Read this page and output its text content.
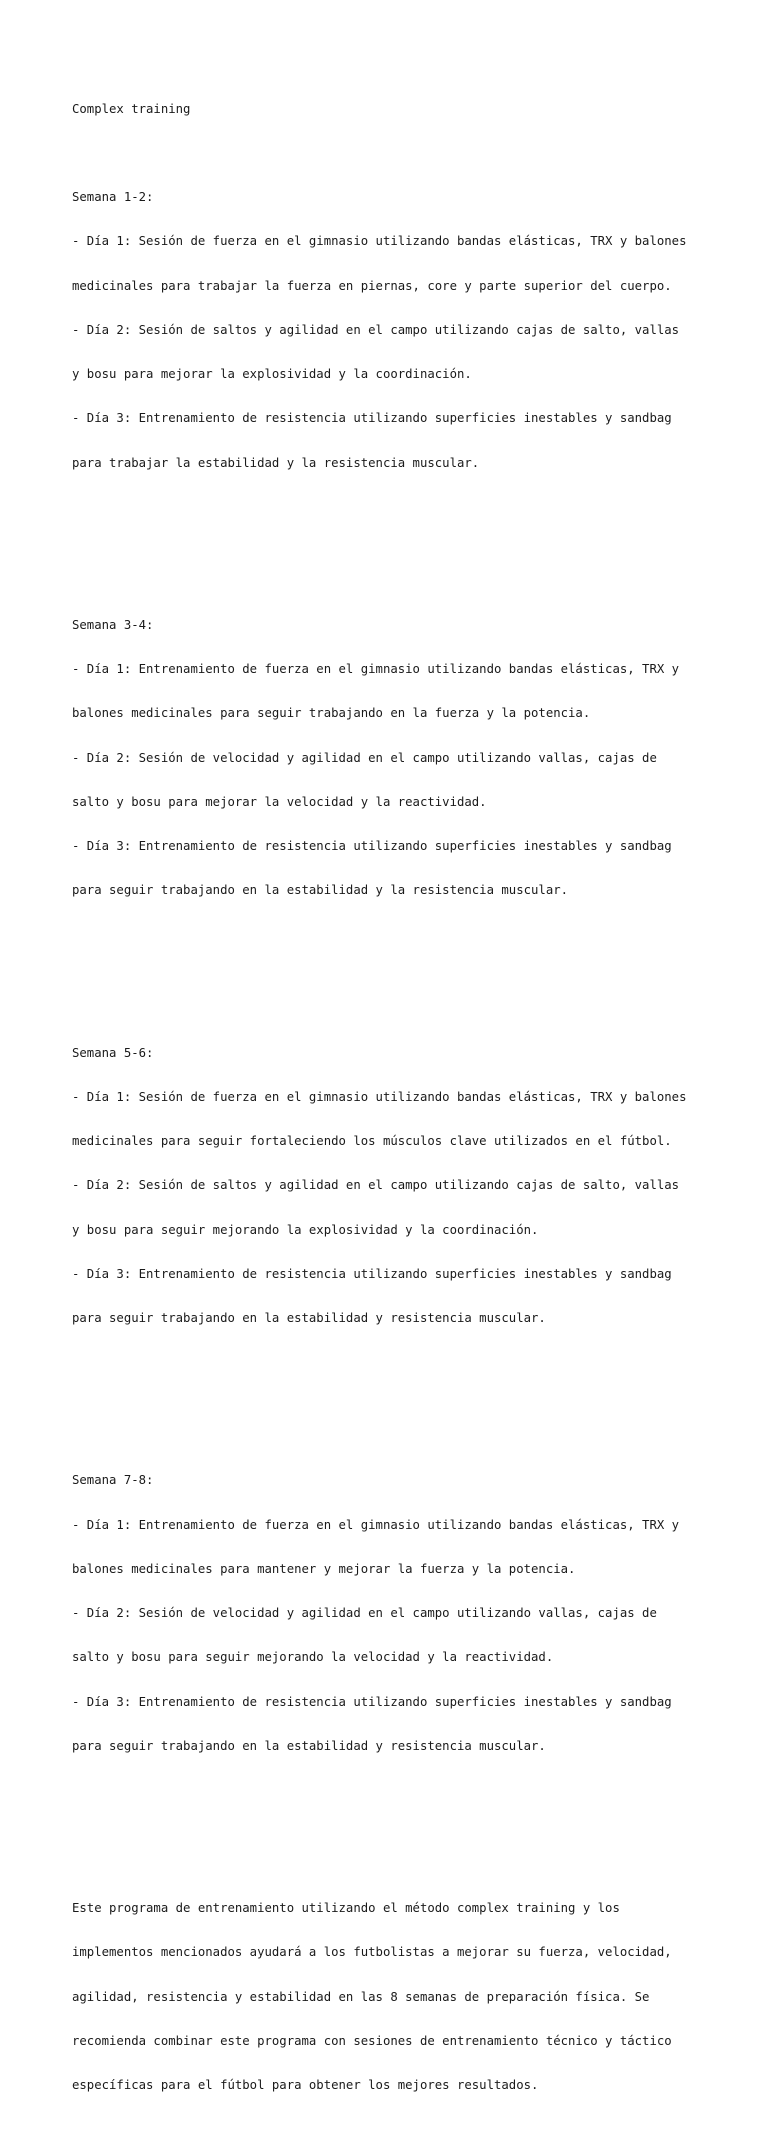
Complex training

Semana 1-2:

- Día 1: Sesión de fuerza en el gimnasio utilizando bandas elásticas, TRX y balones

medicinales para trabajar la fuerza en piernas, core y parte superior del cuerpo.

- Día 2: Sesión de saltos y agilidad en el campo utilizando cajas de salto, vallas

y bosu para mejorar la explosividad y la coordinación.

- Día 3: Entrenamiento de resistencia utilizando superficies inestables y sandbag

para trabajar la estabilidad y la resistencia muscular.

Semana 3-4:

- Día 1: Entrenamiento de fuerza en el gimnasio utilizando bandas elásticas, TRX y

balones medicinales para seguir trabajando en la fuerza y la potencia.

- Día 2: Sesión de velocidad y agilidad en el campo utilizando vallas, cajas de

salto y bosu para mejorar la velocidad y la reactividad.

- Día 3: Entrenamiento de resistencia utilizando superficies inestables y sandbag

para seguir trabajando en la estabilidad y la resistencia muscular.

Semana 5-6:

- Día 1: Sesión de fuerza en el gimnasio utilizando bandas elásticas, TRX y balones

medicinales para seguir fortaleciendo los músculos clave utilizados en el fútbol.

- Día 2: Sesión de saltos y agilidad en el campo utilizando cajas de salto, vallas

y bosu para seguir mejorando la explosividad y la coordinación.

- Día 3: Entrenamiento de resistencia utilizando superficies inestables y sandbag

para seguir trabajando en la estabilidad y resistencia muscular.

Semana 7-8:

- Día 1: Entrenamiento de fuerza en el gimnasio utilizando bandas elásticas, TRX y

balones medicinales para mantener y mejorar la fuerza y la potencia.

- Día 2: Sesión de velocidad y agilidad en el campo utilizando vallas, cajas de

salto y bosu para seguir mejorando la velocidad y la reactividad.

- Día 3: Entrenamiento de resistencia utilizando superficies inestables y sandbag

para seguir trabajando en la estabilidad y resistencia muscular.

Este programa de entrenamiento utilizando el método complex training y los

implementos mencionados ayudará a los futbolistas a mejorar su fuerza, velocidad,

agilidad, resistencia y estabilidad en las 8 semanas de preparación física. Se

recomienda combinar este programa con sesiones de entrenamiento técnico y táctico

específicas para el fútbol para obtener los mejores resultados.
